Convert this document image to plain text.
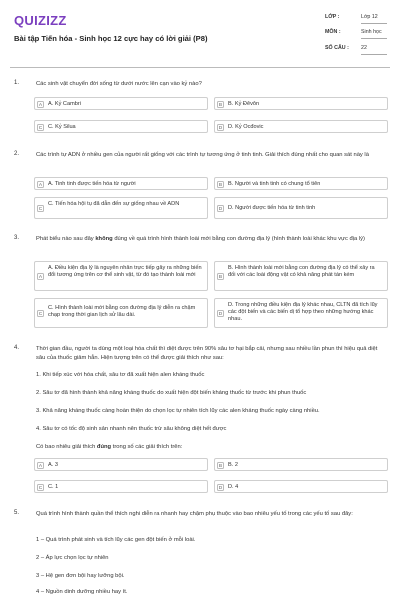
QUIZIZZ
Bài tập Tiến hóa - Sinh học 12 cực hay có lời giải (P8)
LỚP :	Lớp 12
MÔN :	Sinh học
SỐ CÂU : 22
1.	Các sinh vật chuyển đời sống từ dưới nước lên cạn vào kỷ nào?
A	A. Kỷ Cambri	B	B. Kỷ Đêvôn
C	C. Kỷ Silua	D	D. Kỷ Ocđovic
2.	Các trình tự ADN ở nhiều gen của người rất giống với các trình tự tương ứng ở tinh tinh. Giải thích đúng nhất cho quan sát này là
A	A. Tinh tinh được tiến hóa từ người	B	B. Người và tinh tinh có chung tổ tiên
C
C. Tiến hóa hội tụ đã dẫn đến sự giống nhau về ADN
D	D. Người được tiến hóa từ tinh tinh
3.	Phát biểu nào sau đây không đúng về quá trình hình thành loài mới bằng con đường địa lý (hình thành loài khác khu vực địa lý)
A
A. Điều kiện địa lý là nguyên nhân trực tiếp gây ra những biến đổi tương ứng trên cơ thể sinh vật, từ đó tạo thành loài mới	B
B. Hình thành loài mới bằng con đường địa lý có thể xảy ra đối với các loài động vật có khả năng phát tán kém
C
C. Hình thành loài mới bằng con đường địa lý diễn ra chậm chạp trong thời gian lịch sử lâu dài.	D
D. Trong những điều kiện địa lý khác nhau, CLTN đã tích lũy các đột biến và các biến dị tổ hợp theo những hướng khác nhau.
4.	Thời gian đầu, người ta dùng một loại hóa chất thì diệt được trên 90% sâu tơ hại bắp cải, nhưng sau nhiều lần phun thì hiệu quả diệt sâu của thuốc giảm hẳn. Hiện tượng trên có thể được giải thích như sau:
1. Khi tiếp xúc với hóa chất, sâu tơ đã xuất hiện alen kháng thuốc
2. Sâu tơ đã hình thành khả năng kháng thuốc do xuất hiện đột biến kháng thuốc từ trước khi phun thuốc
3. Khả năng kháng thuốc càng hoàn thiện do chọn lọc tự nhiên tích lũy các alen kháng thuốc ngày càng nhiều.
4. Sâu tơ có tốc độ sinh sản nhanh nên thuốc trừ sâu không diệt hết được
Có bao nhiêu giải thích đúng trong số các giải thích trên:
A	A. 3	B	B. 2
C	C. 1	D	D. 4
5.	Quá trình hình thành quần thể thích nghi diễn ra nhanh hay chậm phụ thuộc vào bao nhiêu yếu tố trong các yếu tố sau đây:
1 – Quá trình phát sinh và tích lũy các gen đột biến ở mỗi loài.
2 – Áp lực chọn lọc tự nhiên
3 – Hệ gen đơn bội hay lưỡng bội.
4 – Nguồn dinh dưỡng nhiều hay ít.
